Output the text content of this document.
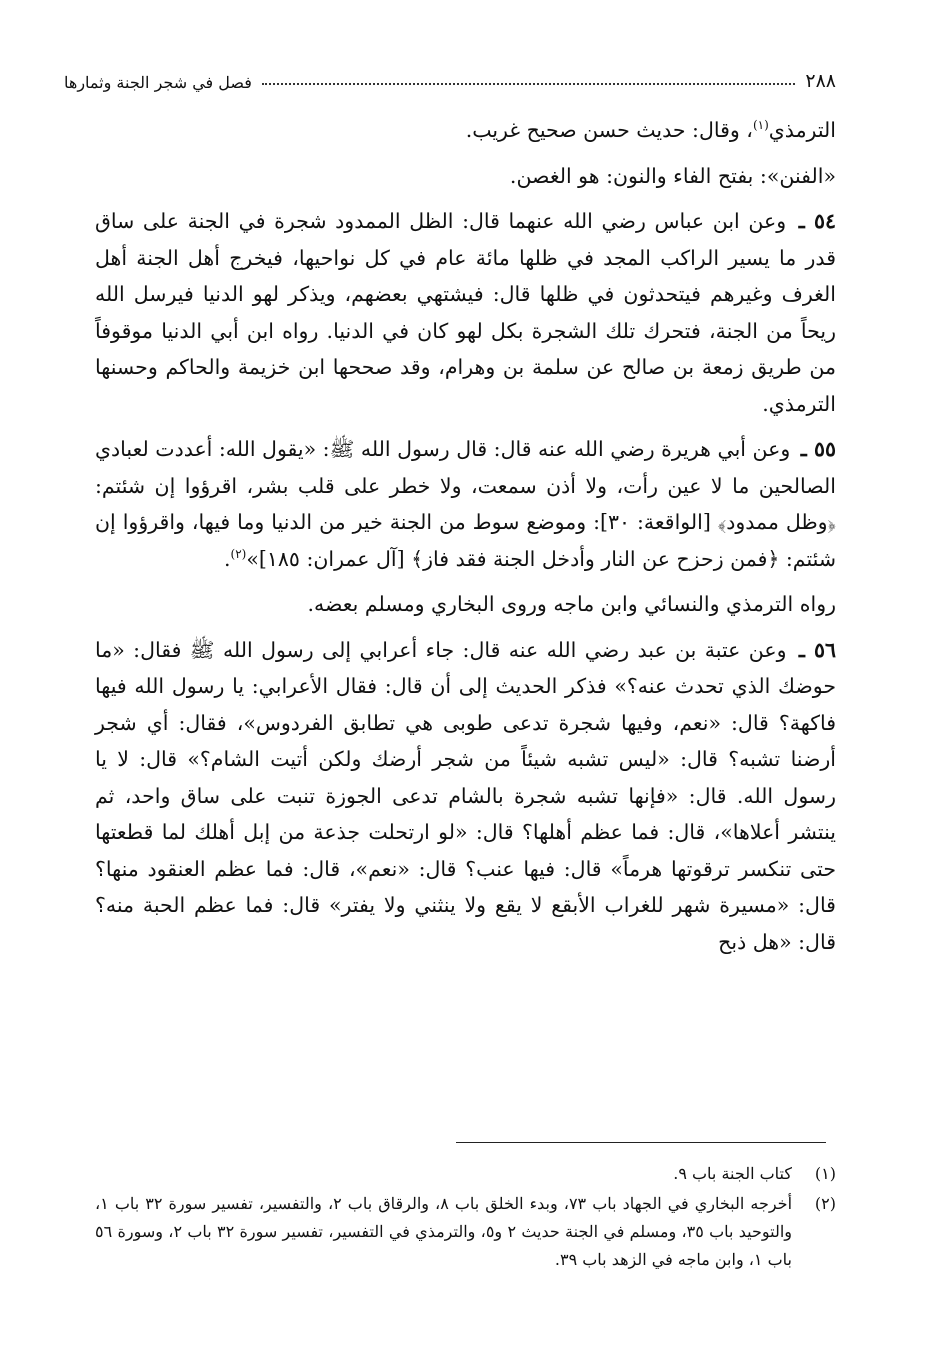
٢٨٨
فصل في شجر الجنة وثمارها

الترمذي$^{(١)}$، وقال: حديث حسن صحيح غريب.

«الفنن»: بفتح الفاء والنون: هو الغصن.

٥٤ ـ وعن ابن عباس رضي الله عنهما قال: الظل الممدود شجرة في الجنة على ساق قدر ما يسير الراكب المجد في ظلها مائة عام في كل نواحيها، فيخرج أهل الجنة أهل الغرف وغيرهم فيتحدثون في ظلها قال: فيشتهي بعضهم، ويذكر لهو الدنيا فيرسل الله ريحاً من الجنة، فتحرك تلك الشجرة بكل لهو كان في الدنيا. رواه ابن أبي الدنيا موقوفاً من طريق زمعة بن صالح عن سلمة بن وهرام، وقد صححها ابن خزيمة والحاكم وحسنها الترمذي.

٥٥ ـ وعن أبي هريرة رضي الله عنه قال: قال رسول الله ﷺ: «يقول الله: أعددت لعبادي الصالحين ما لا عين رأت، ولا أذن سمعت، ولا خطر على قلب بشر، اقرؤوا إن شئتم: ﴿وظل ممدود﴾ [الواقعة: ٣٠]: وموضع سوط من الجنة خير من الدنيا وما فيها، واقرؤوا إن شئتم: ﴿فمن زحزح عن النار وأدخل الجنة فقد فاز﴾ [آل عمران: ١٨٥]»$^{(٢)}$.

رواه الترمذي والنسائي وابن ماجه وروى البخاري ومسلم بعضه.

٥٦ ـ وعن عتبة بن عبد رضي الله عنه قال: جاء أعرابي إلى رسول الله ﷺ فقال: «ما حوضك الذي تحدث عنه؟» فذكر الحديث إلى أن قال: فقال الأعرابي: يا رسول الله فيها فاكهة؟ قال: «نعم، وفيها شجرة تدعى طوبى هي تطابق الفردوس»، فقال: أي شجر أرضنا تشبه؟ قال: «ليس تشبه شيئاً من شجر أرضك ولكن أتيت الشام؟» قال: لا يا رسول الله. قال: «فإنها تشبه شجرة بالشام تدعى الجوزة تنبت على ساق واحد، ثم ينتشر أعلاها»، قال: فما عظم أهلها؟ قال: «لو ارتحلت جذعة من إبل أهلك لما قطعتها حتى تنكسر ترقوتها هرماً» قال: فيها عنب؟ قال: «نعم»، قال: فما عظم العنقود منها؟ قال: «مسيرة شهر للغراب الأبقع لا يقع ولا ينثني ولا يفتر» قال: فما عظم الحبة منه؟ قال: «هل ذبح

(١)
كتاب الجنة باب ٩.
(٢)
أخرجه البخاري في الجهاد باب ٧٣، وبدء الخلق باب ٨، والرقاق باب ٢، والتفسير، تفسير سورة ٣٢ باب ١، والتوحيد باب ٣٥، ومسلم في الجنة حديث ٢ و٥، والترمذي في التفسير، تفسير سورة ٣٢ باب ٢، وسورة ٥٦ باب ١، وابن ماجه في الزهد باب ٣٩.
